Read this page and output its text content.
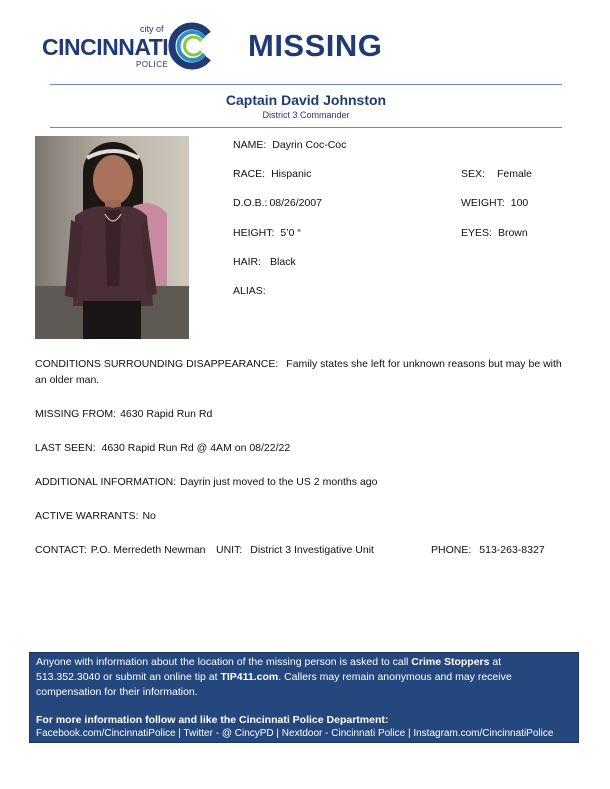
city of
CINCINNATI
POLICE
MISSING
Captain David Johnston
District 3 Commander
NAME: Dayrin Coc-Coc
RACE: Hispanic	SEX: Female
D.O.B.: 08/26/2007	WEIGHT: 100
HEIGHT: 5’0 “	EYES: Brown
HAIR: Black
ALIAS:
CONDITIONS SURROUNDING DISAPPEARANCE: Family states she left for unknown reasons but may be with
an older man.
MISSING FROM: 4630 Rapid Run Rd
LAST SEEN: 4630 Rapid Run Rd @ 4AM on 08/22/22
ADDITIONAL INFORMATION: Dayrin just moved to the US 2 months ago
ACTIVE WARRANTS: No
CONTACT: P.O. Merredeth Newman UNIT: District 3 Investigative Unit	PHONE: 513-263-8327
Anyone with information about the location of the missing person is asked to call Crime Stoppers at
513.352.3040 or submit an online tip at TIP411.com. Callers may remain anonymous and may receive
compensation for their information.
For more information follow and like the Cincinnati Police Department:
Facebook.com/CincinnatiPolice | Twitter - @ CincyPD | Nextdoor - Cincinnati Police | Instagram.com/CincinnatiPolice
